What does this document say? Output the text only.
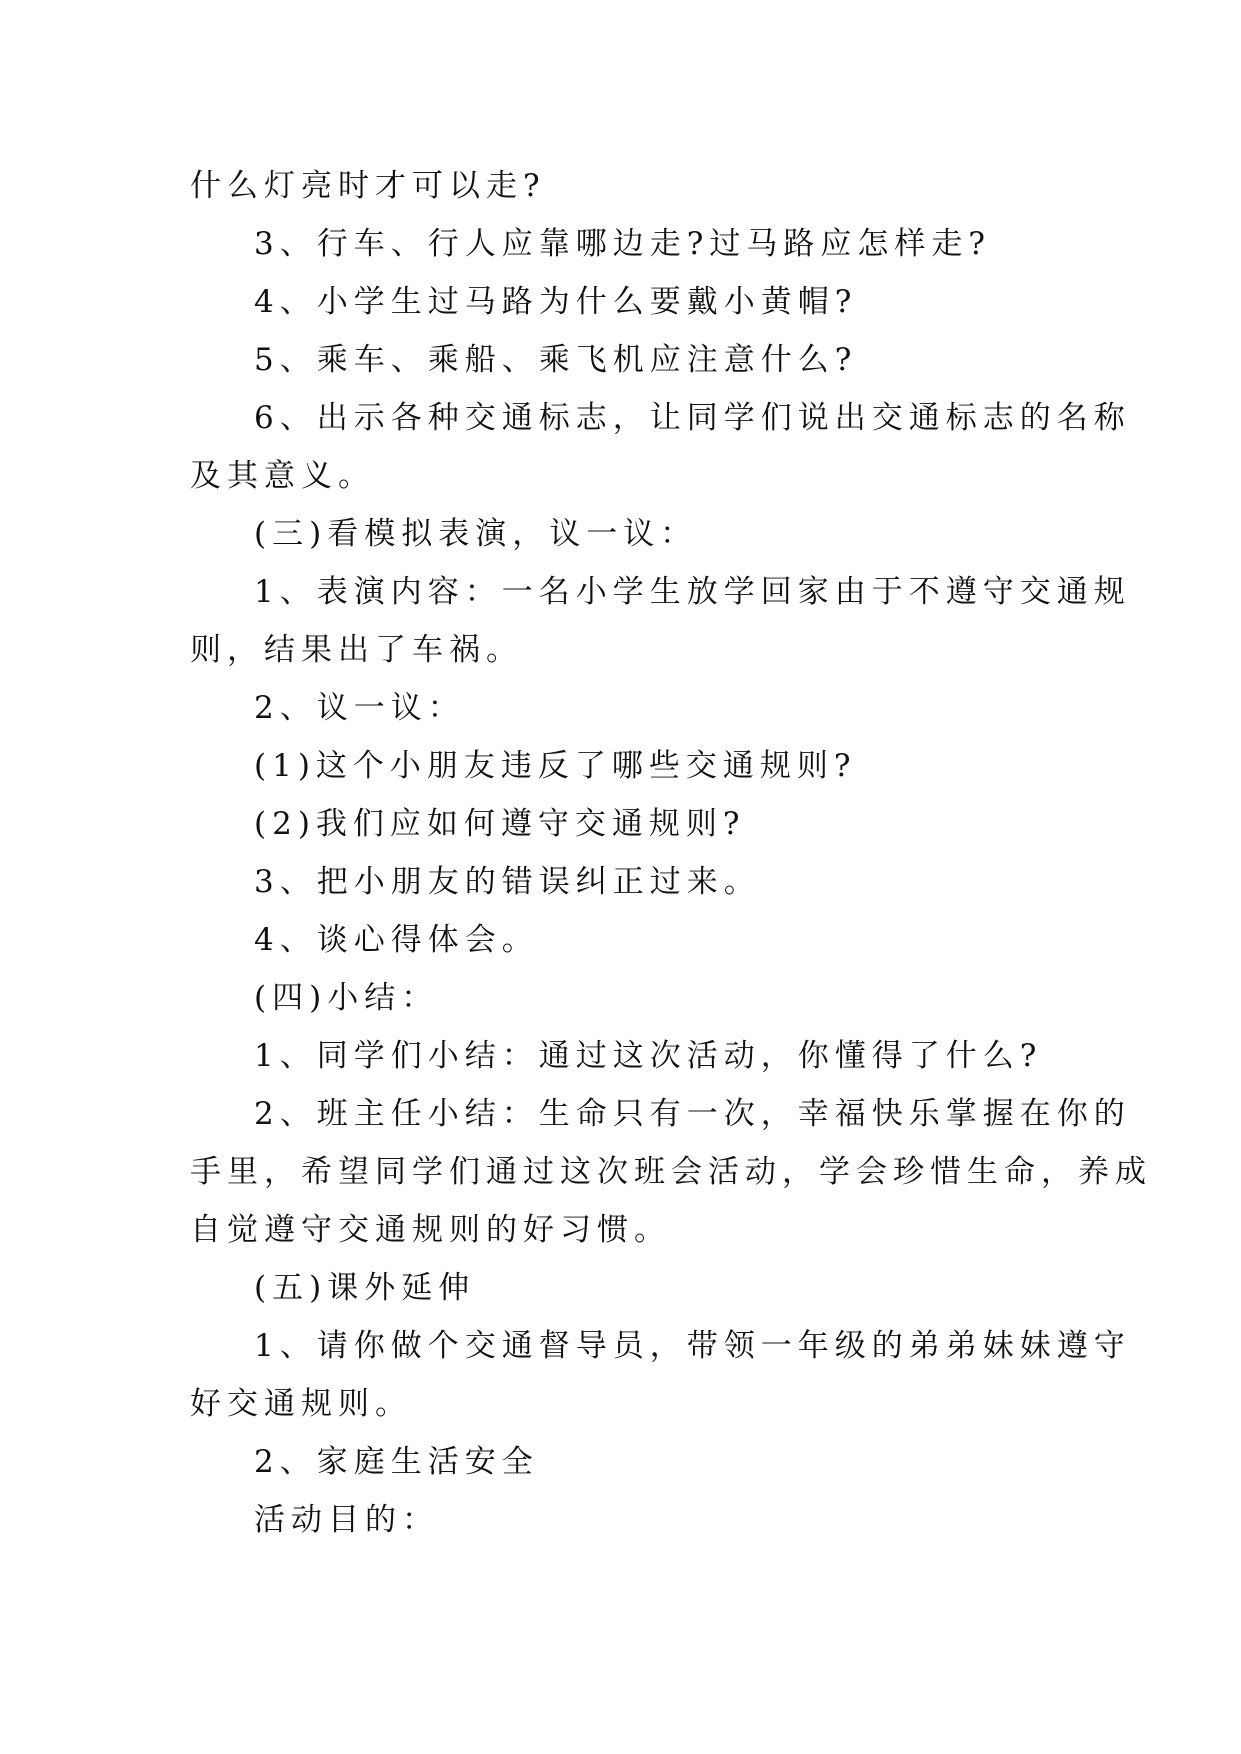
什么灯亮时才可以走?
3、行车、行人应靠哪边走?过马路应怎样走?
4、小学生过马路为什么要戴小黄帽?
5、乘车、乘船、乘飞机应注意什么?
6、出示各种交通标志，让同学们说出交通标志的名称
及其意义。
(三)看模拟表演，议一议：
1、表演内容：一名小学生放学回家由于不遵守交通规
则，结果出了车祸。
2、议一议：
(1)这个小朋友违反了哪些交通规则?
(2)我们应如何遵守交通规则?
3、把小朋友的错误纠正过来。
4、谈心得体会。
(四)小结：
1、同学们小结：通过这次活动，你懂得了什么?
2、班主任小结：生命只有一次，幸福快乐掌握在你的
手里，希望同学们通过这次班会活动，学会珍惜生命，养成
自觉遵守交通规则的好习惯。
(五)课外延伸
1、请你做个交通督导员，带领一年级的弟弟妹妹遵守
好交通规则。
2、家庭生活安全
活动目的：
